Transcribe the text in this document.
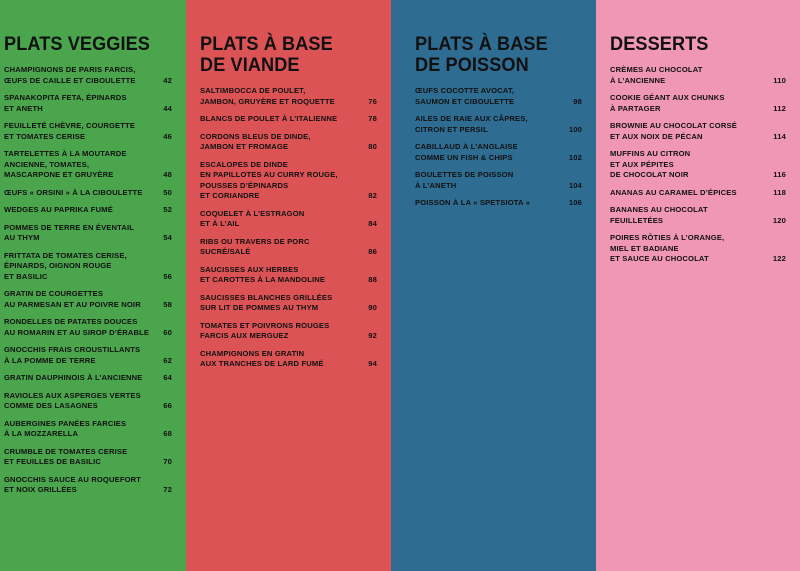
PLATS VEGGIES
CHAMPIGNONS DE PARIS FARCIS,
ŒUFS DE CAILLE ET CIBOULETTE	42
SPANAKOPITA FETA, ÉPINARDS
ET ANETH	44
FEUILLETÉ CHÈVRE, COURGETTE
ET TOMATES CERISE	46
TARTELETTES À LA MOUTARDE
ANCIENNE, TOMATES,
MASCARPONE ET GRUYÈRE	48
ŒUFS « ORSINI » À LA CIBOULETTE	50
WEDGES AU PAPRIKA FUMÉ	52
POMMES DE TERRE EN ÉVENTAIL
AU THYM	54
FRITTATA DE TOMATES CERISE,
ÉPINARDS, OIGNON ROUGE
ET BASILIC	56
GRATIN DE COURGETTES
AU PARMESAN ET AU POIVRE NOIR	58
RONDELLES DE PATATES DOUCES
AU ROMARIN ET AU SIROP D’ÉRABLE	60
GNOCCHIS FRAIS CROUSTILLANTS
À LA POMME DE TERRE	62
GRATIN DAUPHINOIS À L’ANCIENNE	64
RAVIOLES AUX ASPERGES VERTES
COMME DES LASAGNES	66
AUBERGINES PANÉES FARCIES
À LA MOZZARELLA	68
CRUMBLE DE TOMATES CERISE
ET FEUILLES DE BASILIC	70
GNOCCHIS SAUCE AU ROQUEFORT
ET NOIX GRILLÉES	72
PLATS À BASE
DE VIANDE
SALTIMBOCCA DE POULET,
JAMBON, GRUYÈRE ET ROQUETTE	76
BLANCS DE POULET À L’ITALIENNE	78
CORDONS BLEUS DE DINDE,
JAMBON ET FROMAGE	80
ESCALOPES DE DINDE
EN PAPILLOTES AU CURRY ROUGE,
POUSSES D’ÉPINARDS
ET CORIANDRE	82
COQUELET À L’ESTRAGON
ET À L’AIL	84
RIBS OU TRAVERS DE PORC
SUCRÉ/SALÉ	86
SAUCISSES AUX HERBES
ET CAROTTES À LA MANDOLINE	88
SAUCISSES BLANCHES GRILLÉES
SUR LIT DE POMMES AU THYM	90
TOMATES ET POIVRONS ROUGES
FARCIS AUX MERGUEZ	92
CHAMPIGNONS EN GRATIN
AUX TRANCHES DE LARD FUMÉ	94
PLATS À BASE
DE POISSON
ŒUFS COCOTTE AVOCAT,
SAUMON ET CIBOULETTE	98
AILES DE RAIE AUX CÂPRES,
CITRON ET PERSIL	100
CABILLAUD À L’ANGLAISE
COMME UN FISH & CHIPS	102
BOULETTES DE POISSON
À L’ANETH	104
POISSON À LA « SPETSIOTA »	106
DESSERTS
CRÈMES AU CHOCOLAT
À L’ANCIENNE	110
COOKIE GÉANT AUX CHUNKS
À PARTAGER	112
BROWNIE AU CHOCOLAT CORSÉ
ET AUX NOIX DE PÉCAN	114
MUFFINS AU CITRON
ET AUX PÉPITES
DE CHOCOLAT NOIR	116
ANANAS AU CARAMEL D’ÉPICES	118
BANANES AU CHOCOLAT
FEUILLETÉES	120
POIRES RÔTIES À L’ORANGE,
MIEL ET BADIANE
ET SAUCE AU CHOCOLAT	122
